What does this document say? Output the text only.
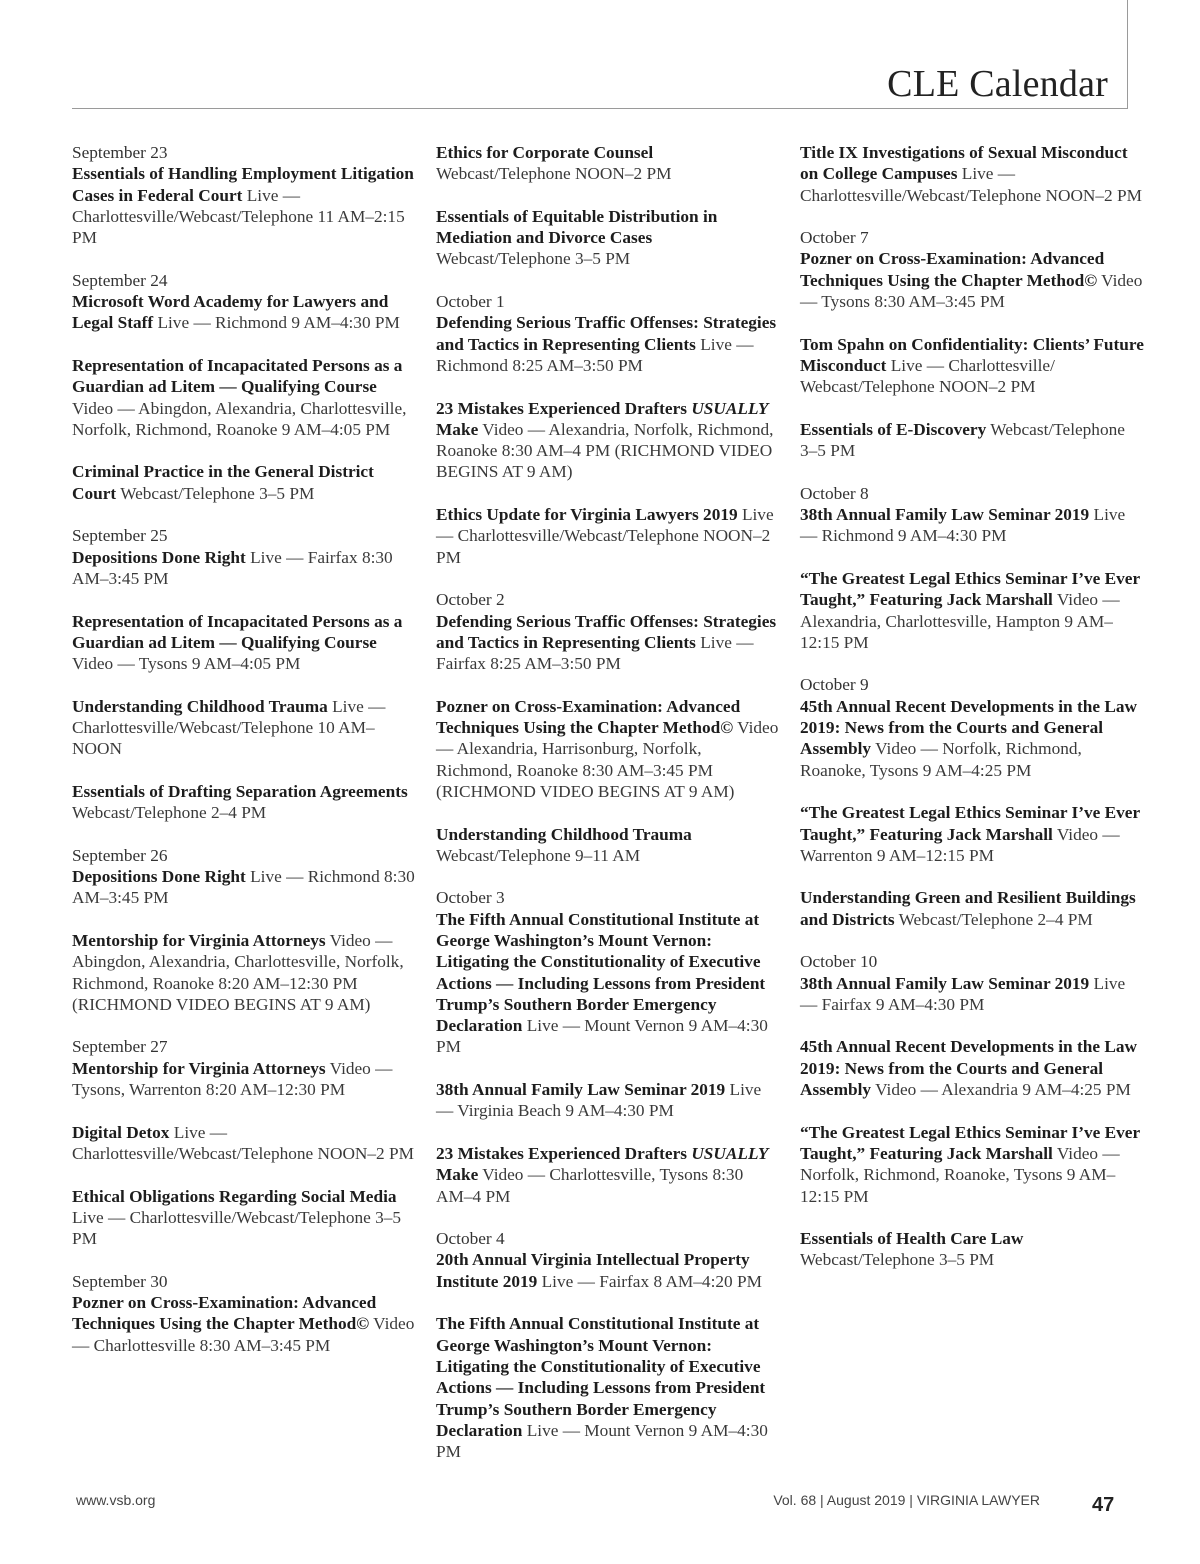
CLE Calendar
September 23
Essentials of Handling Employment Litigation Cases in Federal Court Live — Charlottesville/Webcast/Telephone 11 AM–2:15 PM
September 24
Microsoft Word Academy for Lawyers and Legal Staff Live — Richmond 9 AM–4:30 PM
Representation of Incapacitated Persons as a Guardian ad Litem — Qualifying Course Video — Abingdon, Alexandria, Charlottesville, Norfolk, Richmond, Roanoke 9 AM–4:05 PM
Criminal Practice in the General District Court Webcast/Telephone 3–5 PM
September 25
Depositions Done Right Live — Fairfax 8:30 AM–3:45 PM
Representation of Incapacitated Persons as a Guardian ad Litem — Qualifying Course Video — Tysons 9 AM–4:05 PM
Understanding Childhood Trauma Live — Charlottesville/Webcast/Telephone 10 AM–NOON
Essentials of Drafting Separation Agreements Webcast/Telephone 2–4 PM
September 26
Depositions Done Right Live — Richmond 8:30 AM–3:45 PM
Mentorship for Virginia Attorneys Video — Abingdon, Alexandria, Charlottesville, Norfolk, Richmond, Roanoke 8:20 AM–12:30 PM (RICHMOND VIDEO BEGINS AT 9 AM)
September 27
Mentorship for Virginia Attorneys Video — Tysons, Warrenton 8:20 AM–12:30 PM
Digital Detox Live — Charlottesville/Webcast/Telephone NOON–2 PM
Ethical Obligations Regarding Social Media Live — Charlottesville/Webcast/Telephone 3–5 PM
September 30
Pozner on Cross-Examination: Advanced Techniques Using the Chapter Method© Video — Charlottesville 8:30 AM–3:45 PM
Ethics for Corporate Counsel Webcast/Telephone NOON–2 PM
Essentials of Equitable Distribution in Mediation and Divorce Cases Webcast/Telephone 3–5 PM
October 1
Defending Serious Traffic Offenses: Strategies and Tactics in Representing Clients Live — Richmond 8:25 AM–3:50 PM
23 Mistakes Experienced Drafters USUALLY Make Video — Alexandria, Norfolk, Richmond, Roanoke 8:30 AM–4 PM (RICHMOND VIDEO BEGINS AT 9 AM)
Ethics Update for Virginia Lawyers 2019 Live — Charlottesville/Webcast/Telephone NOON–2 PM
October 2
Defending Serious Traffic Offenses: Strategies and Tactics in Representing Clients Live — Fairfax 8:25 AM–3:50 PM
Pozner on Cross-Examination: Advanced Techniques Using the Chapter Method© Video — Alexandria, Harrisonburg, Norfolk, Richmond, Roanoke 8:30 AM–3:45 PM (RICHMOND VIDEO BEGINS AT 9 AM)
Understanding Childhood Trauma Webcast/Telephone 9–11 AM
October 3
The Fifth Annual Constitutional Institute at George Washington’s Mount Vernon: Litigating the Constitutionality of Executive Actions — Including Lessons from President Trump’s Southern Border Emergency Declaration Live — Mount Vernon 9 AM–4:30 PM
38th Annual Family Law Seminar 2019 Live — Virginia Beach 9 AM–4:30 PM
23 Mistakes Experienced Drafters USUALLY Make Video — Charlottesville, Tysons 8:30 AM–4 PM
October 4
20th Annual Virginia Intellectual Property Institute 2019 Live — Fairfax 8 AM–4:20 PM
The Fifth Annual Constitutional Institute at George Washington’s Mount Vernon: Litigating the Constitutionality of Executive Actions — Including Lessons from President Trump’s Southern Border Emergency Declaration Live — Mount Vernon 9 AM–4:30 PM
Title IX Investigations of Sexual Misconduct on College Campuses Live — Charlottesville/Webcast/Telephone NOON–2 PM
October 7
Pozner on Cross-Examination: Advanced Techniques Using the Chapter Method© Video — Tysons 8:30 AM–3:45 PM
Tom Spahn on Confidentiality: Clients’ Future Misconduct Live — Charlottesville/ Webcast/Telephone NOON–2 PM
Essentials of E-Discovery Webcast/Telephone 3–5 PM
October 8
38th Annual Family Law Seminar 2019 Live — Richmond 9 AM–4:30 PM
“The Greatest Legal Ethics Seminar I’ve Ever Taught,” Featuring Jack Marshall Video — Alexandria, Charlottesville, Hampton 9 AM–12:15 PM
October 9
45th Annual Recent Developments in the Law 2019: News from the Courts and General Assembly Video — Norfolk, Richmond, Roanoke, Tysons 9 AM–4:25 PM
“The Greatest Legal Ethics Seminar I’ve Ever Taught,” Featuring Jack Marshall Video — Warrenton 9 AM–12:15 PM
Understanding Green and Resilient Buildings and Districts Webcast/Telephone 2–4 PM
October 10
38th Annual Family Law Seminar 2019 Live — Fairfax 9 AM–4:30 PM
45th Annual Recent Developments in the Law 2019: News from the Courts and General Assembly Video — Alexandria 9 AM–4:25 PM
“The Greatest Legal Ethics Seminar I’ve Ever Taught,” Featuring Jack Marshall Video — Norfolk, Richmond, Roanoke, Tysons 9 AM–12:15 PM
Essentials of Health Care Law Webcast/Telephone 3–5 PM
www.vsb.org	Vol. 68 | August 2019 | VIRGINIA LAWYER	47
